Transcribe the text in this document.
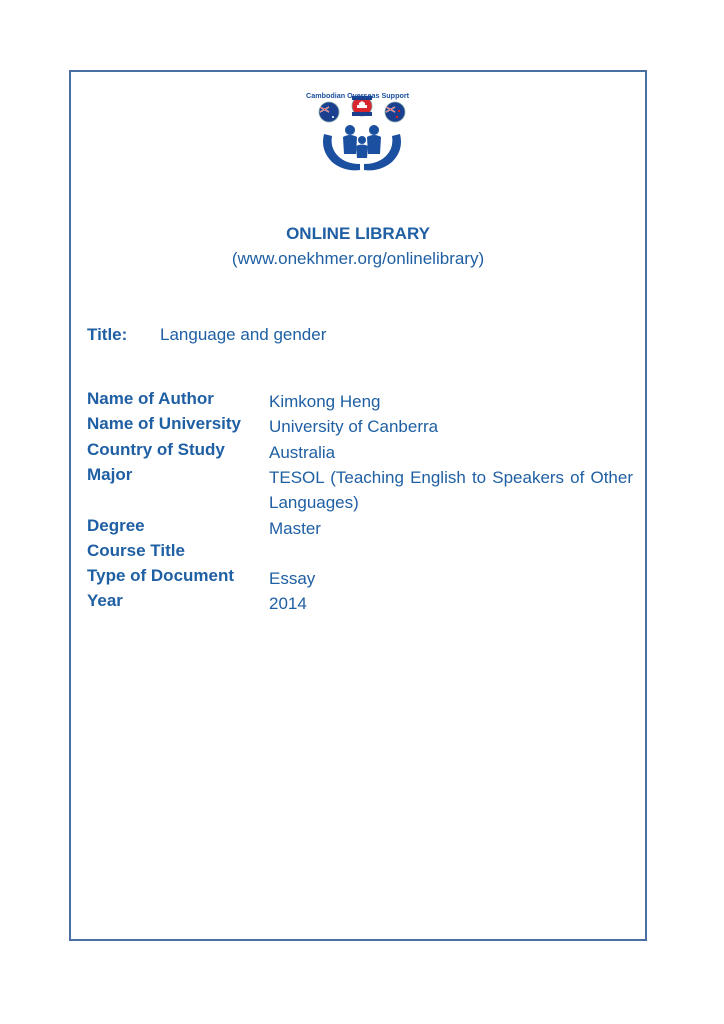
Cambodian Overseas Support
ONLINE LIBRARY
(www.onekhmer.org/onlinelibrary)
Title: Language and gender
Name of Author	Kimkong Heng
Name of University University of Canberra
Country of Study	Australia
Major	TESOL (Teaching English to Speakers of Other Languages)
Degree	Master
Course Title
Type of Document Essay
Year	2014
